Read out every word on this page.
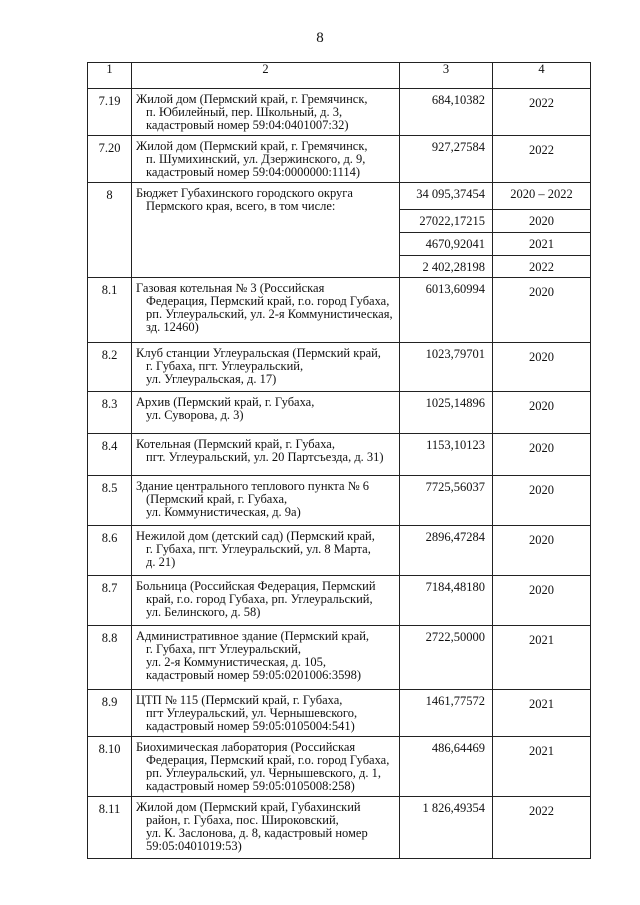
8
1	2	3	4

7.19	Жилой дом (Пермский край, г. Гремячинск,
п. Юбилейный, пер. Школьный, д. 3,
кадастровый номер 59:04:0401007:32)	684,10382	2022

7.20	Жилой дом (Пермский край, г. Гремячинск,
п. Шумихинский, ул. Дзержинского, д. 9,
кадастровый номер 59:04:0000000:1114)	927,27584	2022

8	Бюджет Губахинского городского округа
Пермского края, всего, в том числе:	34 095,37454	2020 – 2022

		27022,17215	2020

		4670,92041	2021

		2 402,28198	2022

8.1	Газовая котельная № 3 (Российская
Федерация, Пермский край, г.о. город Губаха,
рп. Углеуральский, ул. 2-я Коммунистическая,
зд. 12460)	6013,60994	2020

8.2	Клуб станции Углеуральская (Пермский край,
г. Губаха, пгт. Углеуральский,
ул. Углеуральская, д. 17)	1023,79701	2020

8.3	Архив (Пермский край, г. Губаха,
ул. Суворова, д. 3)	1025,14896	2020

8.4	Котельная (Пермский край, г. Губаха,
пгт. Углеуральский, ул. 20 Партсъезда, д. 31)	1153,10123	2020

8.5	Здание центрального теплового пункта № 6
(Пермский край, г. Губаха,
ул. Коммунистическая, д. 9а)	7725,56037	2020

8.6	Нежилой дом (детский сад) (Пермский край,
г. Губаха, пгт. Углеуральский, ул. 8 Марта,
д. 21)	2896,47284	2020

8.7	Больница (Российская Федерация, Пермский
край, г.о. город Губаха, рп. Углеуральский,
ул. Белинского, д. 58)	7184,48180	2020

8.8	Административное здание (Пермский край,
г. Губаха, пгт Углеуральский,
ул. 2-я Коммунистическая, д. 105,
кадастровый номер 59:05:0201006:3598)	2722,50000	2021

8.9	ЦТП № 115 (Пермский край, г. Губаха,
пгт Углеуральский, ул. Чернышевского,
кадастровый номер 59:05:0105004:541)	1461,77572	2021

8.10	Биохимическая лаборатория (Российская
Федерация, Пермский край, г.о. город Губаха,
рп. Углеуральский, ул. Чернышевского, д. 1,
кадастровый номер 59:05:0105008:258)	486,64469	2021

8.11	Жилой дом (Пермский край, Губахинский
район, г. Губаха, пос. Широковский,
ул. К. Заслонова, д. 8, кадастровый номер
59:05:0401019:53)	1 826,49354	2022
